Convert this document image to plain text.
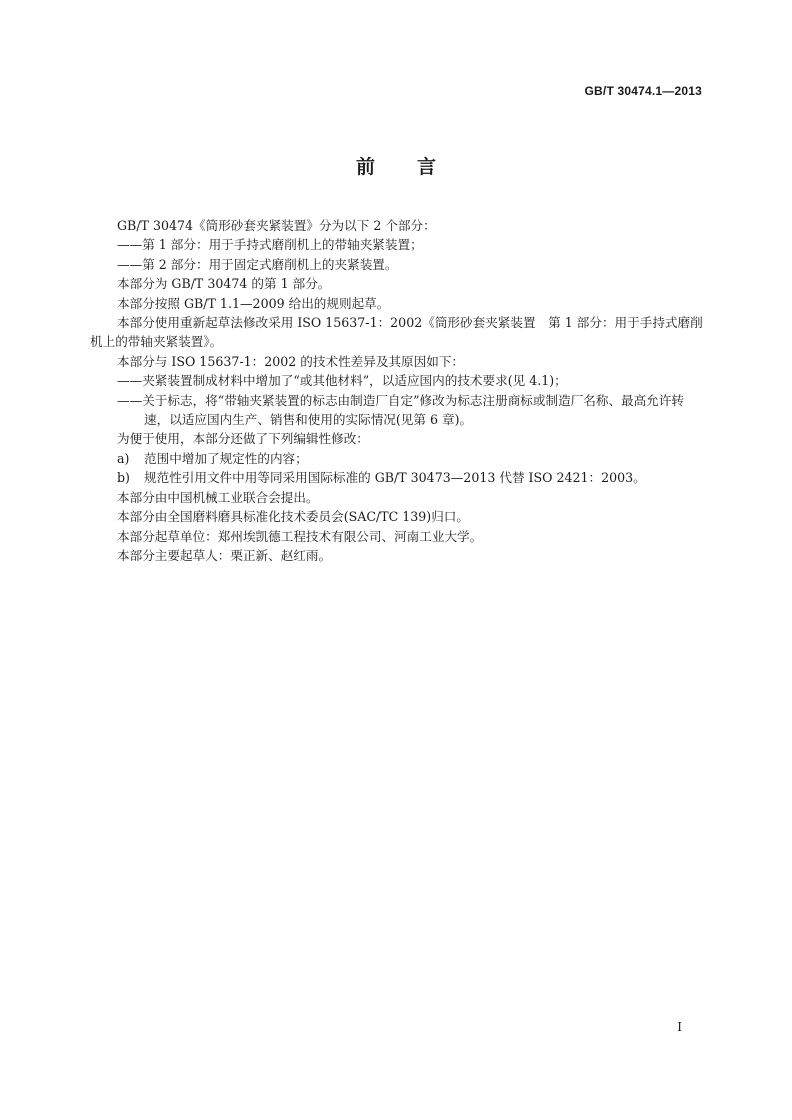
GB/T 30474.1—2013
前言

GB/T 30474《筒形砂套夹紧装置》分为以下 2 个部分：

——第 1 部分：用于手持式磨削机上的带轴夹紧装置；

——第 2 部分：用于固定式磨削机上的夹紧装置。

本部分为 GB/T 30474 的第 1 部分。

本部分按照 GB/T 1.1—2009 给出的规则起草。

本部分使用重新起草法修改采用 ISO 15637-1：2002《筒形砂套夹紧装置　第 1 部分：用于手持式磨削机上的带轴夹紧装置》。

本部分与 ISO 15637-1：2002 的技术性差异及其原因如下：

——夹紧装置制成材料中增加了“或其他材料”，以适应国内的技术要求(见 4.1)；

——关于标志，将“带轴夹紧装置的标志由制造厂自定”修改为标志注册商标或制造厂名称、最高允许转速，以适应国内生产、销售和使用的实际情况(见第 6 章)。

为便于使用，本部分还做了下列编辑性修改：

a) 范围中增加了规定性的内容；

b) 规范性引用文件中用等同采用国际标准的 GB/T 30473—2013 代替 ISO 2421：2003。

本部分由中国机械工业联合会提出。

本部分由全国磨料磨具标准化技术委员会(SAC/TC 139)归口。

本部分起草单位：郑州埃凯德工程技术有限公司、河南工业大学。

本部分主要起草人：栗正新、赵红雨。

I
